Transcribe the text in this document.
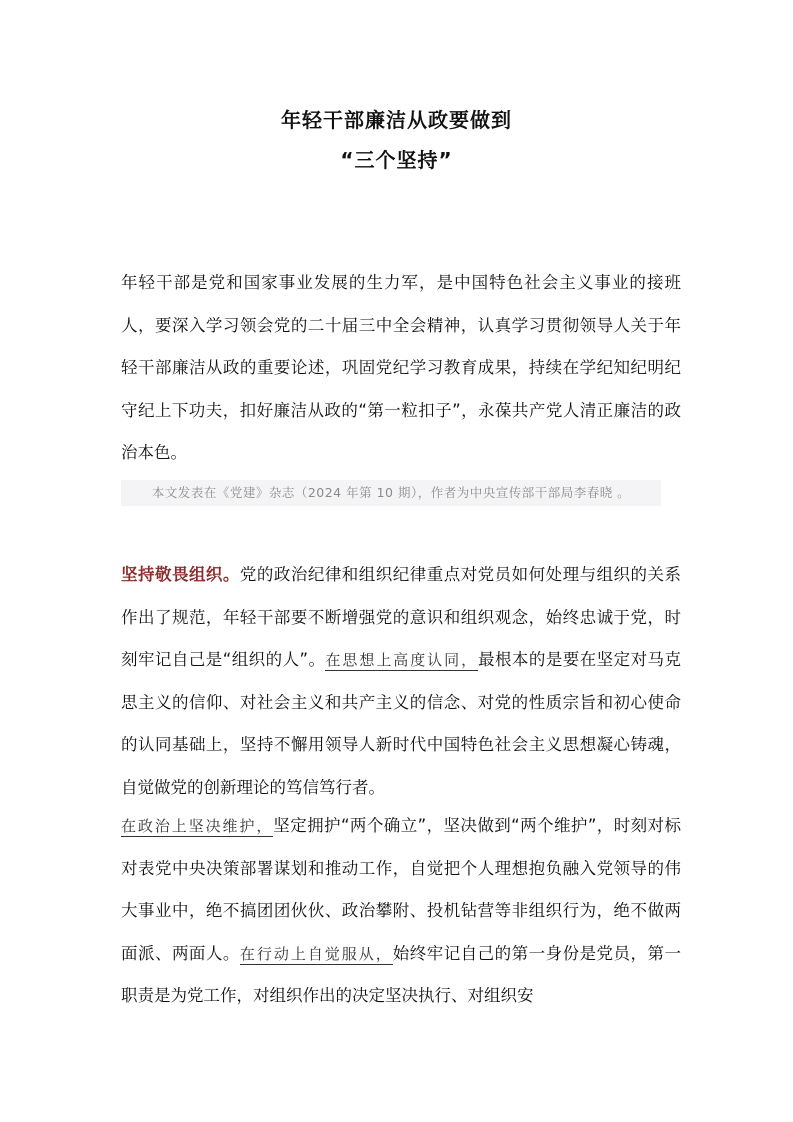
年轻干部廉洁从政要做到
“三个坚持”

年轻干部是党和国家事业发展的生力军，是中国特色社会主义事业的接班人，要深入学习领会党的二十届三中全会精神，认真学习贯彻领导人关于年轻干部廉洁从政的重要论述，巩固党纪学习教育成果，持续在学纪知纪明纪守纪上下功夫，扣好廉洁从政的“第一粒扣子”，永葆共产党人清正廉洁的政治本色。

本文发表在《党建》杂志（2024 年第 10 期），作者为中央宣传部干部局李春晓 。

坚持敬畏组织。党的政治纪律和组织纪律重点对党员如何处理与组织的关系作出了规范，年轻干部要不断增强党的意识和组织观念，始终忠诚于党，时刻牢记自己是“组织的人”。在思想上高度认同，最根本的是要在坚定对马克思主义的信仰、对社会主义和共产主义的信念、对党的性质宗旨和初心使命的认同基础上，坚持不懈用领导人新时代中国特色社会主义思想凝心铸魂，自觉做党的创新理论的笃信笃行者。

在政治上坚决维护，坚定拥护“两个确立”，坚决做到“两个维护”，时刻对标对表党中央决策部署谋划和推动工作，自觉把个人理想抱负融入党领导的伟大事业中，绝不搞团团伙伙、政治攀附、投机钻营等非组织行为，绝不做两面派、两面人。在行动上自觉服从，始终牢记自己的第一身份是党员，第一职责是为党工作，对组织作出的决定坚决执行、对组织安
